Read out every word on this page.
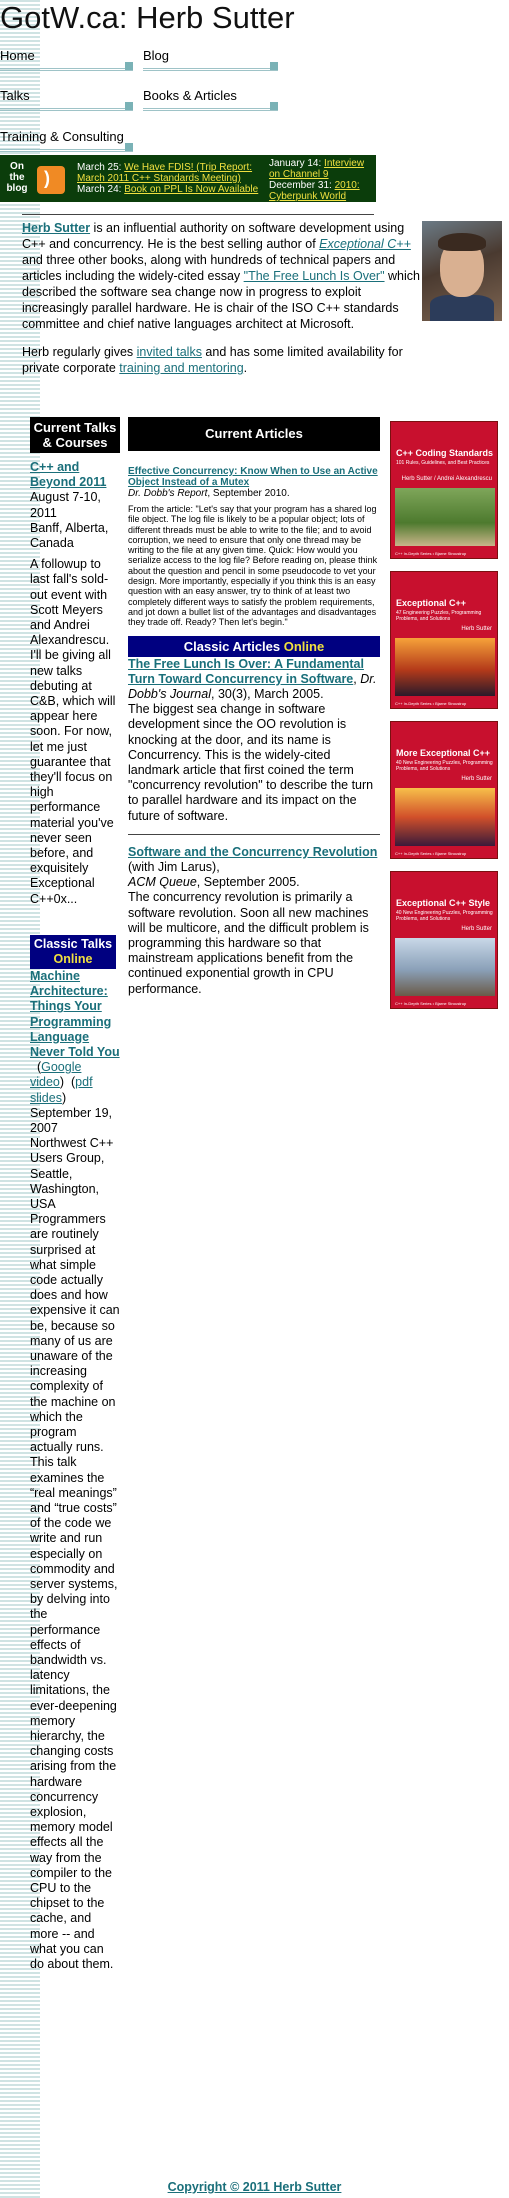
GotW.ca: Herb Sutter
Home	Blog
Talks	Books & Articles
Training & Consulting
On the blog
)
March 25: We Have FDIS! (Trip Report: March 2011 C++ Standards Meeting)
March 24: Book on PPL Is Now Available
January 14: Interview on Channel 9
December 31: 2010: Cyberpunk World

Herb Sutter is an influential authority on software development using C++ and concurrency. He is the best selling author of Exceptional C++ and three other books, along with hundreds of technical papers and articles including the widely-cited essay "The Free Lunch Is Over" which described the software sea change now in progress to exploit increasingly parallel hardware. He is chair of the ISO C++ standards committee and chief native languages architect at Microsoft.

Herb regularly gives invited talks and has some limited availability for private corporate training and mentoring.

Current Talks & Courses
C++ and Beyond 2011
August 7-10, 2011
Banff, Alberta, Canada
A followup to last fall's sold-out event with Scott Meyers and Andrei Alexandrescu. I'll be giving all new talks debuting at C&B, which will appear here soon. For now, let me just guarantee that they'll focus on high performance material you've never seen before, and exquisitely Exceptional C++0x...
Classic Talks Online
Machine Architecture: Things Your Programming Language Never Told You
(Google video)  (pdf slides)
September 19, 2007
Northwest C++ Users Group, Seattle, Washington, USA
Programmers are routinely surprised at what simple code actually does and how expensive it can be, because so many of us are unaware of the increasing complexity of the machine on which the program actually runs. This talk examines the “real meanings” and “true costs” of the code we write and run especially on commodity and server systems, by delving into the performance effects of bandwidth vs. latency limitations, the ever-deepening memory hierarchy, the changing costs arising from the hardware concurrency explosion, memory model effects all the way from the compiler to the CPU to the chipset to the cache, and more -- and what you can do about them.
Current Articles
Effective Concurrency: Know When to Use an Active Object Instead of a Mutex
Dr. Dobb's Report, September 2010.
From the article: "Let's say that your program has a shared log file object. The log file is likely to be a popular object; lots of different threads must be able to write to the file; and to avoid corruption, we need to ensure that only one thread may be writing to the file at any given time. Quick: How would you serialize access to the log file? Before reading on, please think about the question and pencil in some pseudocode to vet your design. More importantly, especially if you think this is an easy question with an easy answer, try to think of at least two completely different ways to satisfy the problem requirements, and jot down a bullet list of the advantages and disadvantages they trade off. Ready? Then let's begin."
Classic Articles Online
The Free Lunch Is Over: A Fundamental Turn Toward Concurrency in Software, Dr. Dobb's Journal, 30(3), March 2005.
The biggest sea change in software development since the OO revolution is knocking at the door, and its name is Concurrency. This is the widely-cited landmark article that first coined the term "concurrency revolution" to describe the turn to parallel hardware and its impact on the future of software.
Software and the Concurrency Revolution (with Jim Larus),
ACM Queue, September 2005.
The concurrency revolution is primarily a software revolution. Soon all new machines will be multicore, and the difficult problem is programming this hardware so that mainstream applications benefit from the continued exponential growth in CPU performance.
C++ Coding Standards
101 Rules, Guidelines, and Best Practices
Herb Sutter / Andrei Alexandrescu
C++ In-Depth Series • Bjarne Stroustrup
Exceptional C++
47 Engineering Puzzles, Programming Problems, and Solutions
Herb Sutter
C++ In-Depth Series • Bjarne Stroustrup
More Exceptional C++
40 New Engineering Puzzles, Programming Problems, and Solutions
Herb Sutter
C++ In-Depth Series • Bjarne Stroustrup
Exceptional C++ Style
40 New Engineering Puzzles, Programming Problems, and Solutions
Herb Sutter
C++ In-Depth Series • Bjarne Stroustrup
Copyright © 2011 Herb Sutter
